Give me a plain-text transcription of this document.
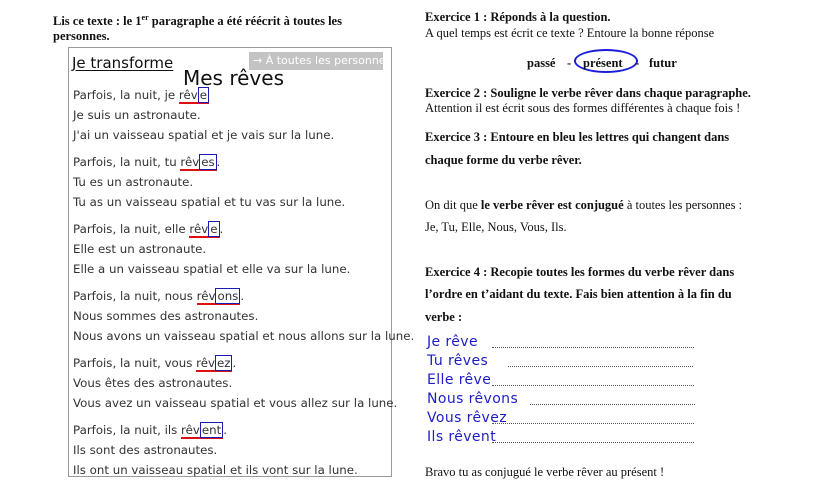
Lis ce texte : le 1er paragraphe a été réécrit à toutes les
personnes.
Je transforme	→ À toutes les personnes
Mes rêves
Parfois, la nuit, je rêv e
Je suis un astronaute.
J'ai un vaisseau spatial et je vais sur la lune.
Parfois, la nuit, tu rêv es .
Tu es un astronaute.
Tu as un vaisseau spatial et tu vas sur la lune.
Parfois, la nuit, elle rêv e .
Elle est un astronaute.
Elle a un vaisseau spatial et elle va sur la lune.
Parfois, la nuit, nous rêv ons .
Nous sommes des astronautes.
Nous avons un vaisseau spatial et nous allons sur la lune.
Parfois, la nuit, vous rêv ez .
Vous êtes des astronautes.
Vous avez un vaisseau spatial et vous allez sur la lune.
Parfois, la nuit, ils rêv ent .
Ils sont des astronautes.
Ils ont un vaisseau spatial et ils vont sur la lune.
Exercice 1 : Réponds à la question.
A quel temps est écrit ce texte ? Entoure la bonne réponse
passé - présent - futur
Exercice 2 : Souligne le verbe rêver dans chaque paragraphe.
Attention il est écrit sous des formes différentes à chaque fois !
Exercice 3 : Entoure en bleu les lettres qui changent dans
chaque forme du verbe rêver.
On dit que le verbe rêver est conjugué à toutes les personnes :
Je, Tu, Elle, Nous, Vous, Ils.
Exercice 4 : Recopie toutes les formes du verbe rêver dans
l’ordre en t’aidant du texte. Fais bien attention à la fin du
verbe :
Je rêve
Tu rêves
Elle rêve
Nous rêvons
Vous rêvez
Ils rêvent
Bravo tu as conjugué le verbe rêver au présent !
